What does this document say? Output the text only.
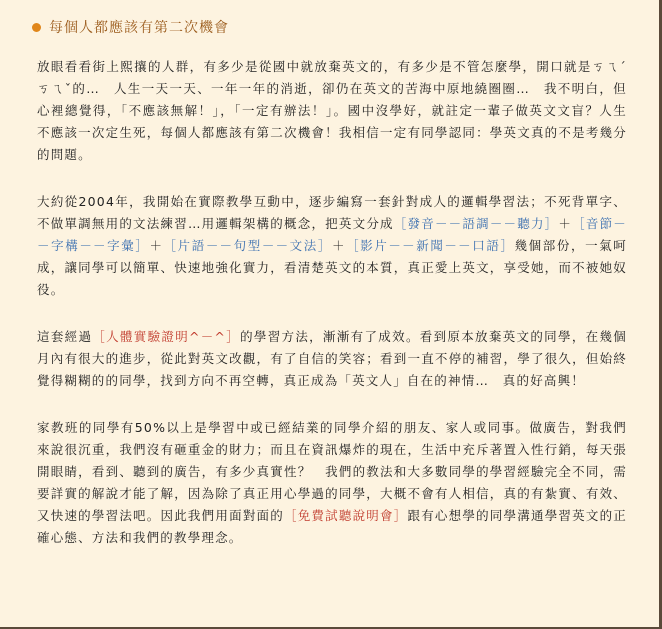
每個人都應該有第二次機會

放眼看看街上熙攘的人群，有多少是從國中就放棄英文的，有多少是不管怎麼學，開口就是ㄎㄟˊㄎㄟˇ的…　人生一天一天、一年一年的消逝，卻仍在英文的苦海中原地繞圈圈…　我不明白，但心裡總覺得，「不應該無解！」，「一定有辦法！」。國中沒學好，就註定一輩子做英文文盲？人生不應該一次定生死，每個人都應該有第二次機會！我相信一定有同學認同：學英文真的不是考幾分的問題。

大約從2004年，我開始在實際教學互動中，逐步編寫一套針對成人的邏輯學習法；不死背單字、不做單調無用的文法練習…用邏輯架構的概念，把英文分成［發音－－語調－－聽力］＋［音節－－字構－－字彙］＋［片語－－句型－－文法］＋［影片－－新聞－－口語］幾個部份，一氣呵成，讓同學可以簡單、快速地強化實力，看清楚英文的本質，真正愛上英文，享受她，而不被她奴役。

這套經過［人體實驗證明^－^］的學習方法，漸漸有了成效。看到原本放棄英文的同學，在幾個月內有很大的進步，從此對英文改觀，有了自信的笑容；看到一直不停的補習，學了很久，但始終覺得糊糊的的同學，找到方向不再空轉，真正成為「英文人」自在的神情…　真的好高興！

家教班的同學有50%以上是學習中或已經結業的同學介紹的朋友、家人或同事。做廣告，對我們來說很沉重，我們沒有砸重金的財力；而且在資訊爆炸的現在，生活中充斥著置入性行銷，每天張開眼睛，看到、聽到的廣告，有多少真實性？　我們的教法和大多數同學的學習經驗完全不同，需要詳實的解說才能了解，因為除了真正用心學過的同學，大概不會有人相信，真的有紮實、有效、又快速的學習法吧。因此我們用面對面的［免費試聽說明會］跟有心想學的同學溝通學習英文的正確心態、方法和我們的教學理念。
